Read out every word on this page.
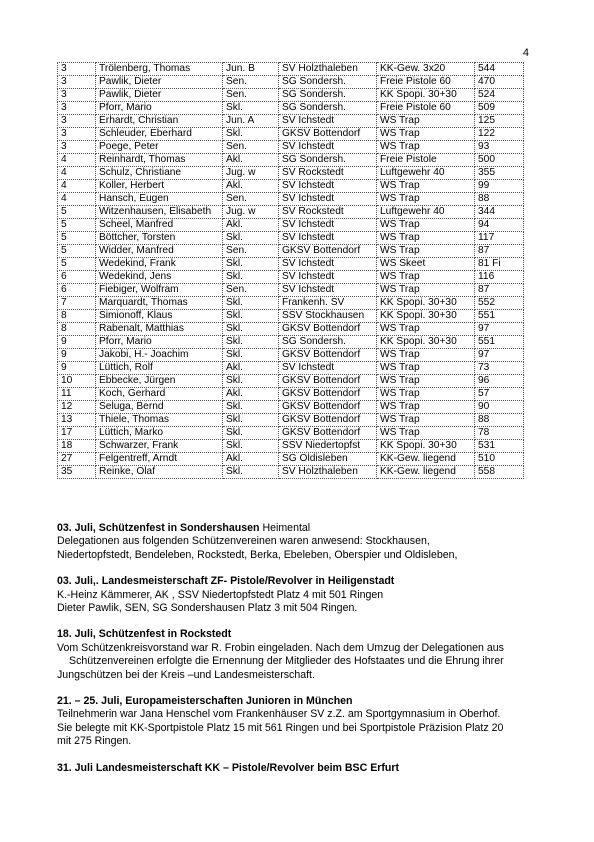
4
3	Trölenberg, Thomas	Jun. B	SV Holzthaleben	KK-Gew. 3x20	544
3	Pawlik, Dieter	Sen.	SG Sondersh.	Freie Pistole 60	470
3	Pawlik, Dieter	Sen.	SG Sondersh.	KK Spopi. 30+30	524
3	Pforr, Mario	Skl.	SG Sondersh.	Freie Pistole 60	509
3	Erhardt, Christian	Jun. A	SV Ichstedt	WS Trap	125
3	Schleuder, Eberhard	Skl.	GKSV Bottendorf	WS Trap	122
3	Poege, Peter	Sen.	SV Ichstedt	WS Trap	93
4	Reinhardt, Thomas	Akl.	SG Sondersh.	Freie Pistole	500
4	Schulz, Christiane	Jug. w	SV Rockstedt	Luftgewehr 40	355
4	Koller, Herbert	Akl.	SV Ichstedt	WS Trap	99
4	Hansch, Eugen	Sen.	SV Ichstedt	WS Trap	88
5	Witzenhausen, Elisabeth	Jug. w	SV Rockstedt	Luftgewehr 40	344
5	Scheel, Manfred	Akl.	SV Ichstedt	WS Trap	94
5	Böttcher, Torsten	Skl.	SV Ichstedt	WS Trap	117
5	Widder, Manfred	Sen.	GKSV Bottendorf	WS Trap	87
5	Wedekind, Frank	Skl.	SV Ichstedt	WS Skeet	81 Fi
6	Wedekind, Jens	Skl.	SV Ichstedt	WS Trap	116
6	Fiebiger, Wolfram	Sen.	SV Ichstedt	WS Trap	87
7	Marquardt, Thomas	Skl.	Frankenh. SV	KK Spopi. 30+30	552
8	Simionoff, Klaus	Skl.	SSV Stockhausen	KK Spopi. 30+30	551
8	Rabenalt, Matthias	Skl.	GKSV Bottendorf	WS Trap	97
9	Pforr, Mario	Skl.	SG Sondersh.	KK Spopi. 30+30	551
9	Jakobi, H.- Joachim	Skl.	GKSV Bottendorf	WS Trap	97
9	Lüttich, Rolf	Akl.	SV Ichstedt	WS Trap	73
10	Ebbecke, Jürgen	Skl.	GKSV Bottendorf	WS Trap	96
11	Koch, Gerhard	Akl.	GKSV Bottendorf	WS Trap	57
12	Seluga, Bernd	Skl.	GKSV Bottendorf	WS Trap	90
13	Thiele, Thomas	Skl.	GKSV Bottendorf	WS Trap	88
17	Lüttich, Marko	Skl.	GKSV Bottendorf	WS Trap	78
18	Schwarzer, Frank	Skl.	SSV Niedertopfst	KK Spopi. 30+30	531
27	Felgentreff, Arndt	Akl.	SG Oldisleben	KK-Gew. liegend	510
35	Reinke, Olaf	Skl.	SV Holzthaleben	KK-Gew. liegend	558

03. Juli, Schützenfest in Sondershausen Heimental

Delegationen aus folgenden Schützenvereinen waren anwesend: Stockhausen,

Niedertopfstedt, Bendeleben, Rockstedt, Berka, Ebeleben, Oberspier und Oldisleben,

03. Juli,. Landesmeisterschaft ZF- Pistole/Revolver in Heiligenstadt

K.-Heinz Kämmerer, AK , SSV Niedertopfstedt Platz 4 mit 501 Ringen

Dieter Pawlik, SEN, SG Sondershausen Platz 3 mit 504 Ringen.

18. Juli, Schützenfest in Rockstedt

Vom Schützenkreisvorstand war R. Frobin eingeladen. Nach dem Umzug der Delegationen aus

Schützenvereinen erfolgte die Ernennung der Mitglieder des Hofstaates und die Ehrung ihrer

Jungschützen bei der Kreis –und Landesmeisterschaft.

21. – 25. Juli, Europameisterschaften Junioren in München

Teilnehmerin war Jana Henschel vom Frankenhäuser SV z.Z. am Sportgymnasium in Oberhof.

Sie belegte mit KK-Sportpistole Platz 15 mit 561 Ringen und bei Sportpistole Präzision Platz 20

mit 275 Ringen.

31. Juli Landesmeisterschaft KK – Pistole/Revolver beim BSC Erfurt
